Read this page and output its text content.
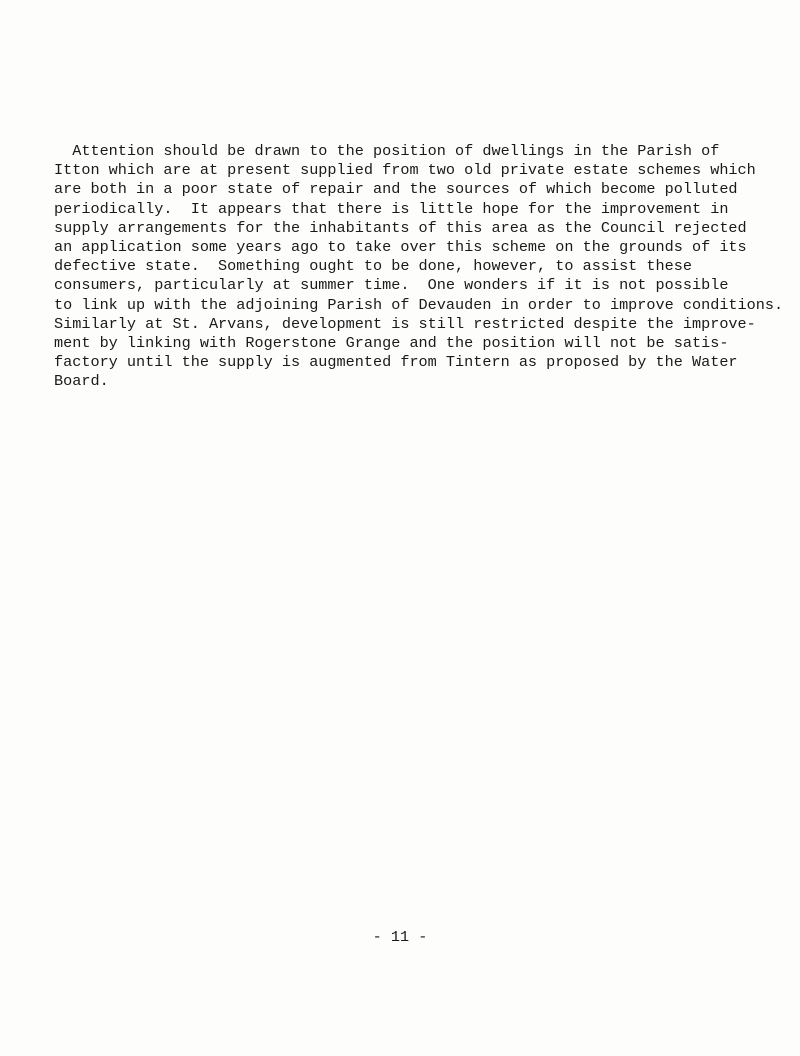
Attention should be drawn to the position of dwellings in the Parish of
Itton which are at present supplied from two old private estate schemes which
are both in a poor state of repair and the sources of which become polluted
periodically.  It appears that there is little hope for the improvement in
supply arrangements for the inhabitants of this area as the Council rejected
an application some years ago to take over this scheme on the grounds of its
defective state.  Something ought to be done, however, to assist these
consumers, particularly at summer time.  One wonders if it is not possible
to link up with the adjoining Parish of Devauden in order to improve conditions.
Similarly at St. Arvans, development is still restricted despite the improve-
ment by linking with Rogerstone Grange and the position will not be satis-
factory until the supply is augmented from Tintern as proposed by the Water
Board.
- 11 -
